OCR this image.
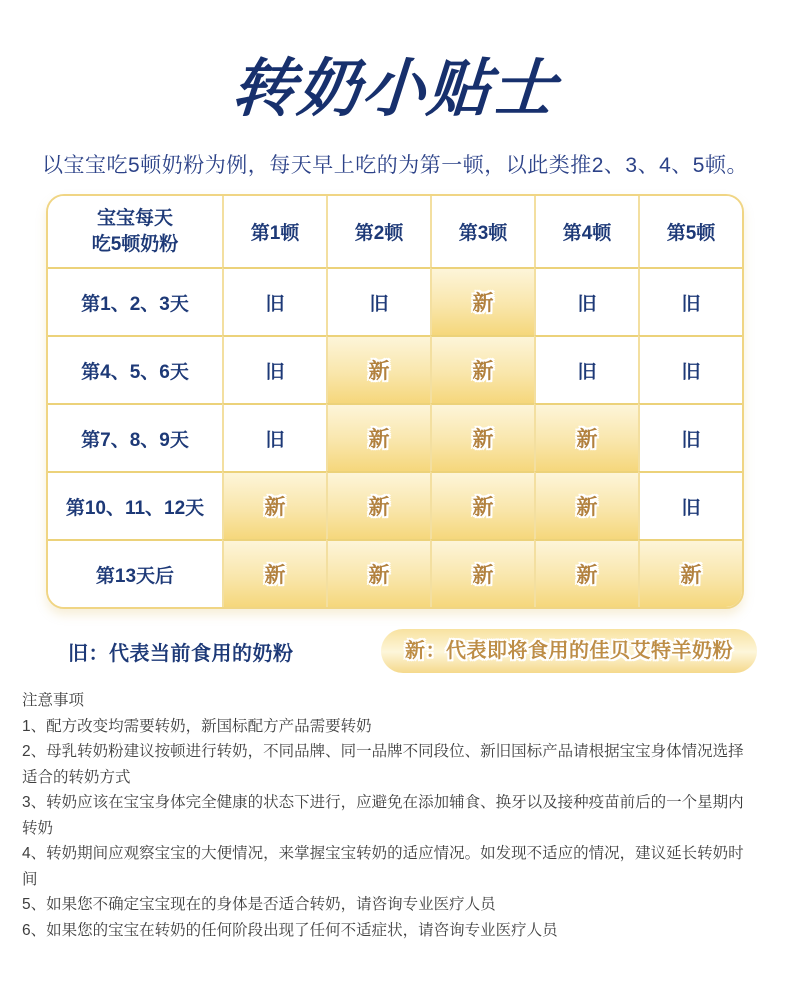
转奶小贴士

以宝宝吃5顿奶粉为例，每天早上吃的为第一顿，以此类推2、3、4、5顿。

宝宝每天
吃5顿奶粉	第1顿	第2顿	第3顿	第4顿	第5顿
第1、2、3天	旧	旧	新	旧	旧
第4、5、6天	旧	新	新	旧	旧
第7、8、9天	旧	新	新	新	旧
第10、11、12天	新	新	新	新	旧
第13天后	新	新	新	新	新
旧：代表当前食用的奶粉	新：代表即将食用的佳贝艾特羊奶粉

注意事项

1、配方改变均需要转奶，新国标配方产品需要转奶

2、母乳转奶粉建议按顿进行转奶，不同品牌、同一品牌不同段位、新旧国标产品请根据宝宝身体情况选择适合的转奶方式

3、转奶应该在宝宝身体完全健康的状态下进行，应避免在添加辅食、换牙以及接种疫苗前后的一个星期内转奶

4、转奶期间应观察宝宝的大便情况，来掌握宝宝转奶的适应情况。如发现不适应的情况，建议延长转奶时间

5、如果您不确定宝宝现在的身体是否适合转奶，请咨询专业医疗人员

6、如果您的宝宝在转奶的任何阶段出现了任何不适症状，请咨询专业医疗人员
